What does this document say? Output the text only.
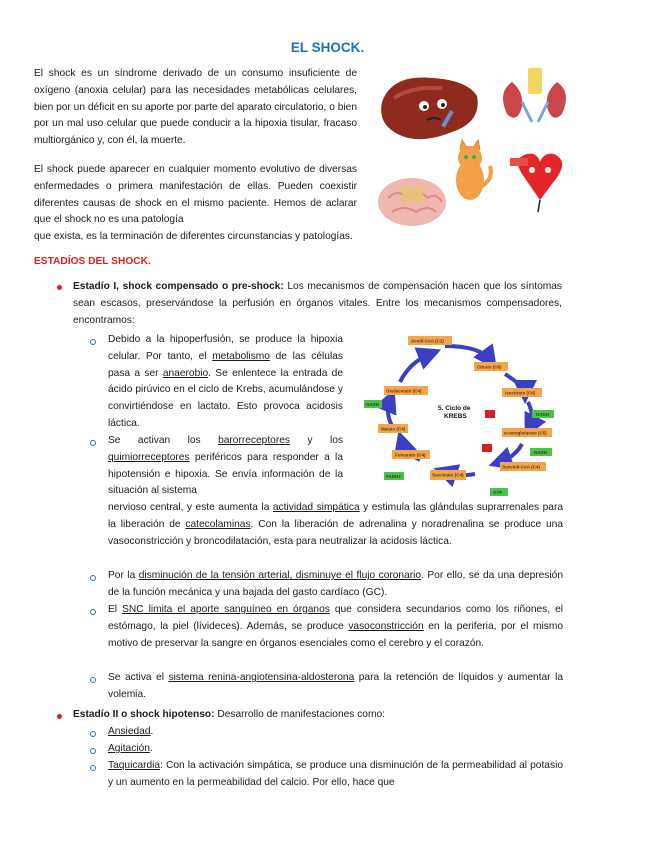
EL SHOCK.

El shock es un síndrome derivado de un consumo insuficiente de oxígeno (anoxia celular) para las necesidades metabólicas celulares, bien por un déficit en su aporte por parte del aparato circulatorio, o bien por un mal uso celular que puede conducir a la hipoxia tisular, fracaso multiorgánico y, con él, la muerte.

El shock puede aparecer en cualquier momento evolutivo de diversas enfermedades o primera manifestación de ellas. Pueden coexistir diferentes causas de shock en el mismo paciente. Hemos de aclarar que el shock no es una patología

que exista, es la terminación de diferentes circunstancias y patologías.

ESTADÍOS DEL SHOCK.

Estadío I, shock compensado o pre-shock: Los mecanismos de compensación hacen que los síntomas sean escasos, preservándose la perfusión en órganos vitales. Entre los mecanismos compensadores, encontramos:

Debido a la hipoperfusión, se produce la hipoxia celular. Por tanto, el metabolismo de las células pasa a ser anaerobio. Se enlentece la entrada de ácido pirúvico en el ciclo de Krebs, acumulándose y convirtiéndose en lactato. Esto provoca acidosis láctica.

Se activan los barorreceptores y los quimiorreceptores periféricos para responder a la hipotensión e hipoxia. Se envía información de la situación al sistema

nervioso central, y este aumenta la actividad simpática y estimula las glándulas suprarrenales para la liberación de catecolaminas. Con la liberación de adrenalina y noradrenalina se produce una vasoconstricción y broncodilatación, esta para neutralizar la acidosis láctica.

Por la disminución de la tensión arterial, disminuye el flujo coronario. Por ello, se da una depresión de la función mecánica y una bajada del gasto cardíaco (GC).

El SNC limita el aporte sanguíneo en órganos que considera secundarios como los riñones, el estómago, la piel (lívideces). Además, se produce vasoconstricción en la periferia, por el mismo motivo de preservar la sangre en órganos esenciales como el cerebro y el corazón.

Se activa el sistema renina-angiotensina-aldosterona para la retención de líquidos y aumentar la volemia.

Estadío II o shock hipotenso: Desarrollo de manifestaciones como:

Ansiedad.

Agitación.

Taquicardia: Con la activación simpática, se produce una disminución de la permeabilidad al potasio y un aumento en la permeabilidad del calcio. Por ello, hace que

Acetil-CoA (C2)
Citrato (C6)
Isocitrato (C6)
α-cetoglutarato (C5)
Succinil-CoA (C4)
Succinato (C4)
Fumarato (C4)
Malato (C4)
Oxalacetato (C4)
NADH
NADH
NADH
FADH2
GTP
5. Ciclo de KREBS
